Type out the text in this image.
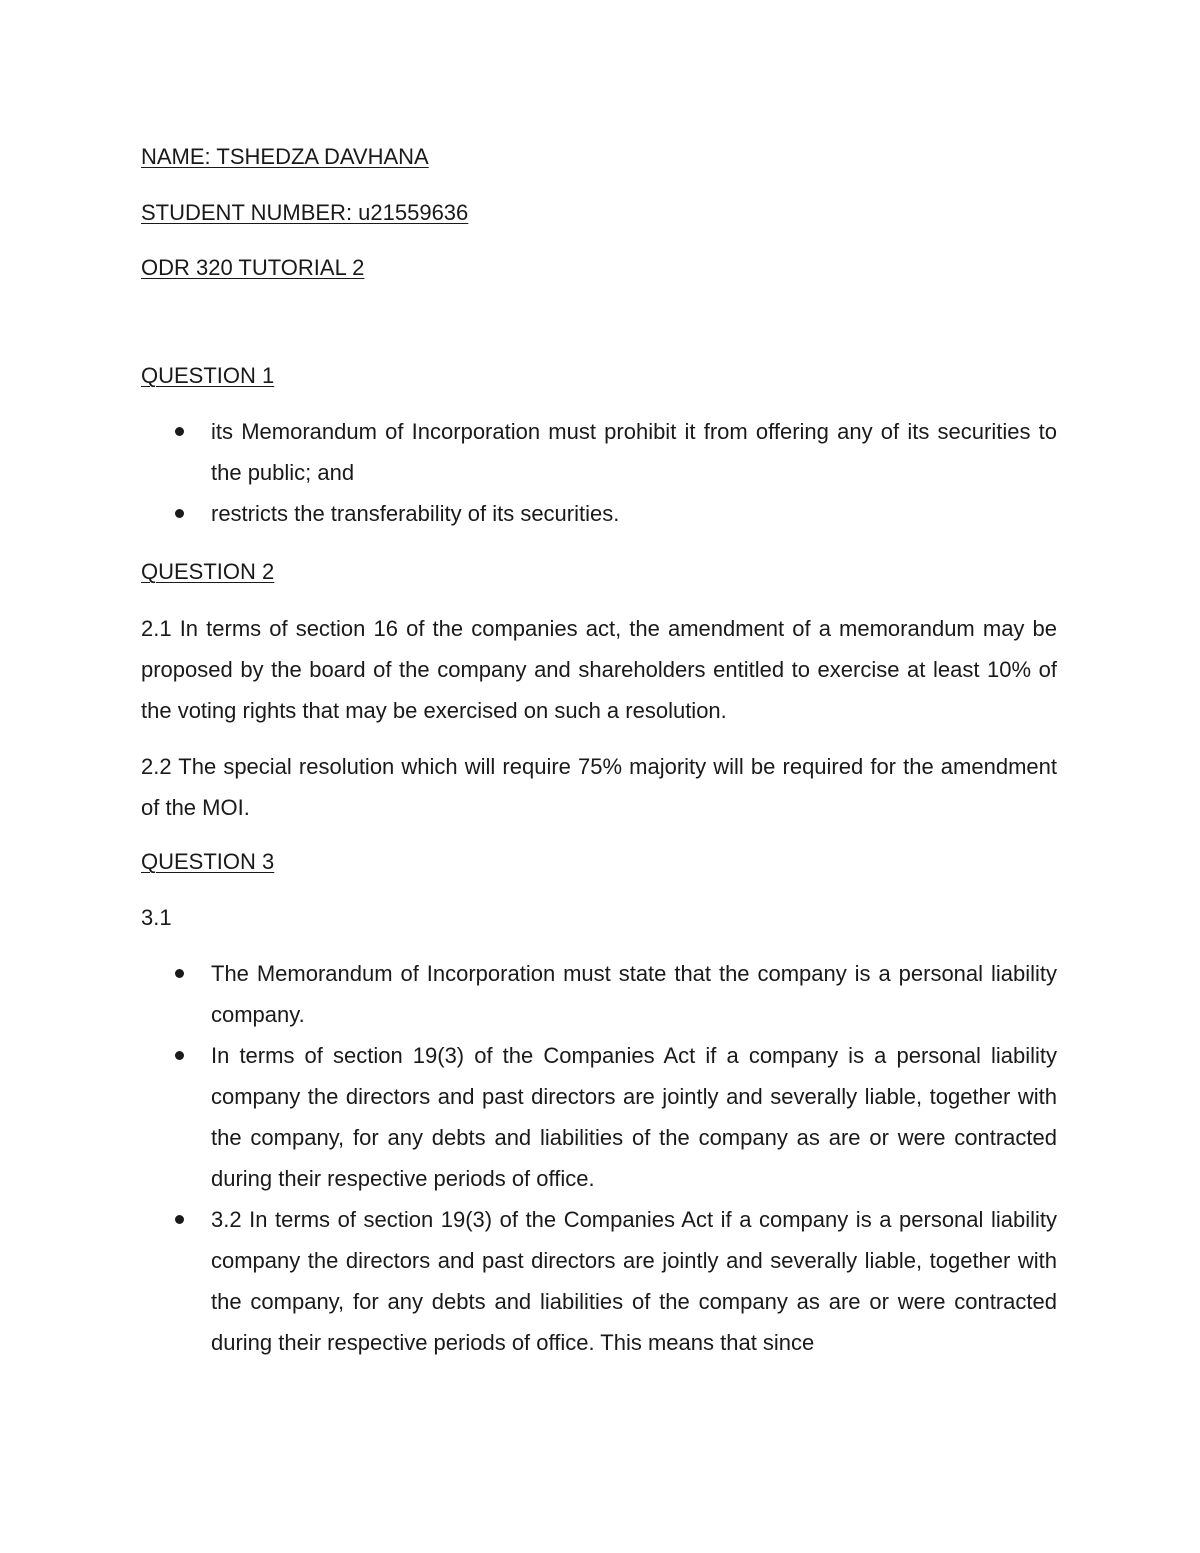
NAME: TSHEDZA DAVHANA

STUDENT NUMBER: u21559636

ODR 320 TUTORIAL 2

QUESTION 1

its Memorandum of Incorporation must prohibit it from offering any of its securities to the public; and
restricts the transferability of its securities.

QUESTION 2

2.1 In terms of section 16 of the companies act, the amendment of a memorandum may be proposed by the board of the company and shareholders entitled to exercise at least 10% of the voting rights that may be exercised on such a resolution.

2.2 The special resolution which will require 75% majority will be required for the amendment of the MOI.

QUESTION 3

3.1

The Memorandum of Incorporation must state that the company is a personal liability company.
In terms of section 19(3) of the Companies Act if a company is a personal liability company the directors and past directors are jointly and severally liable, together with the company, for any debts and liabilities of the company as are or were contracted during their respective periods of office.
3.2 In terms of section 19(3) of the Companies Act if a company is a personal liability company the directors and past directors are jointly and severally liable, together with the company, for any debts and liabilities of the company as are or were contracted during their respective periods of office. This means that since
